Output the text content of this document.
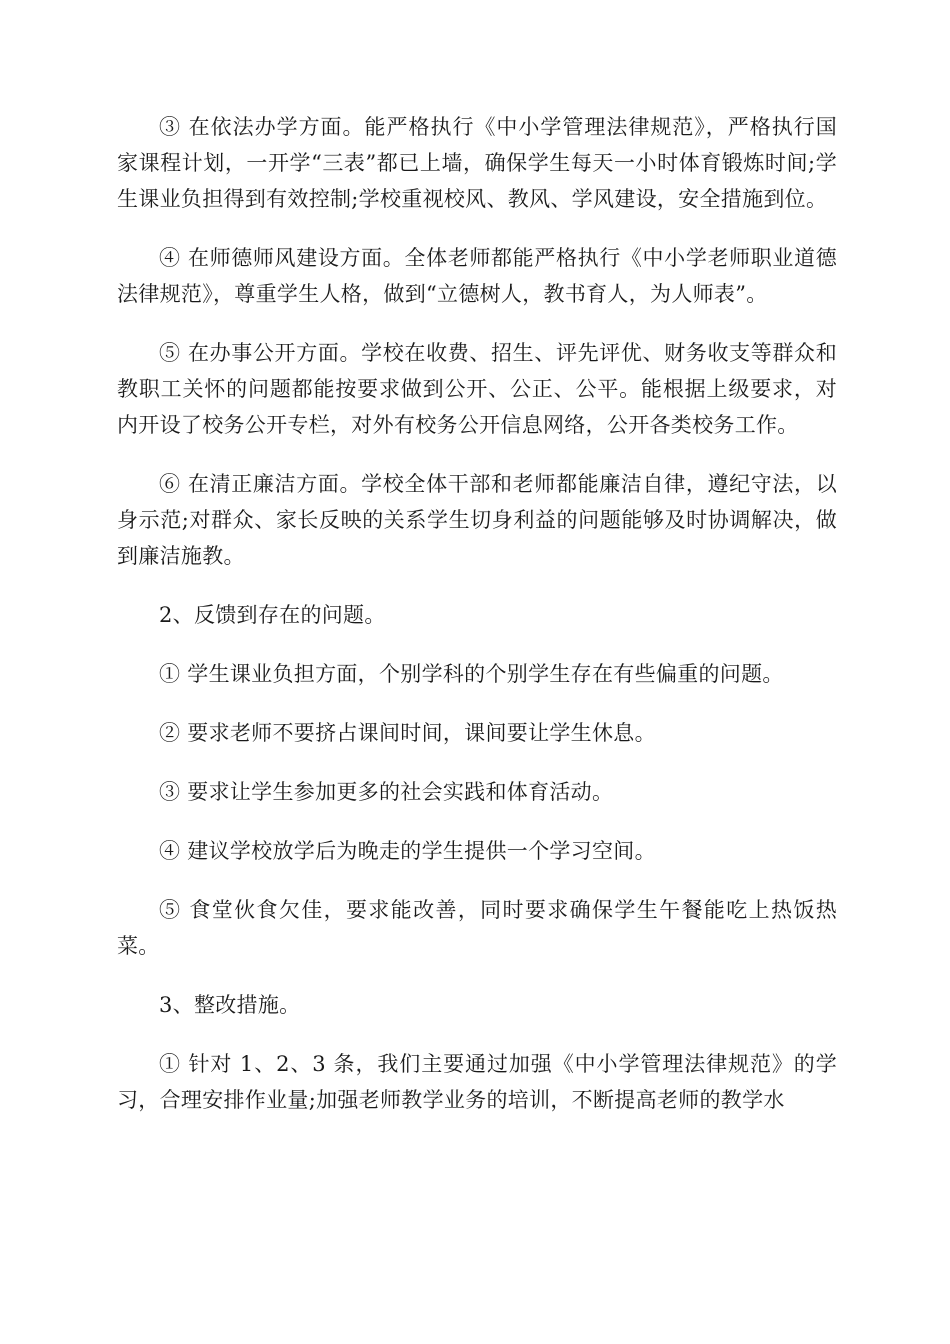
③ 在依法办学方面。能严格执行《中小学管理法律规范》，严格执行国家课程计划，一开学“三表”都已上墙，确保学生每天一小时体育锻炼时间;学生课业负担得到有效控制;学校重视校风、教风、学风建设，安全措施到位。

④ 在师德师风建设方面。全体老师都能严格执行《中小学老师职业道德法律规范》，尊重学生人格，做到“立德树人，教书育人，为人师表”。

⑤ 在办事公开方面。学校在收费、招生、评先评优、财务收支等群众和教职工关怀的问题都能按要求做到公开、公正、公平。能根据上级要求，对内开设了校务公开专栏，对外有校务公开信息网络，公开各类校务工作。

⑥ 在清正廉洁方面。学校全体干部和老师都能廉洁自律，遵纪守法，以身示范;对群众、家长反映的关系学生切身利益的问题能够及时协调解决，做到廉洁施教。

2、反馈到存在的问题。

① 学生课业负担方面，个别学科的个别学生存在有些偏重的问题。

② 要求老师不要挤占课间时间，课间要让学生休息。

③ 要求让学生参加更多的社会实践和体育活动。

④ 建议学校放学后为晚走的学生提供一个学习空间。

⑤ 食堂伙食欠佳，要求能改善，同时要求确保学生午餐能吃上热饭热菜。

3、整改措施。

① 针对 1、2、3 条，我们主要通过加强《中小学管理法律规范》的学习，合理安排作业量;加强老师教学业务的培训，不断提高老师的教学水
